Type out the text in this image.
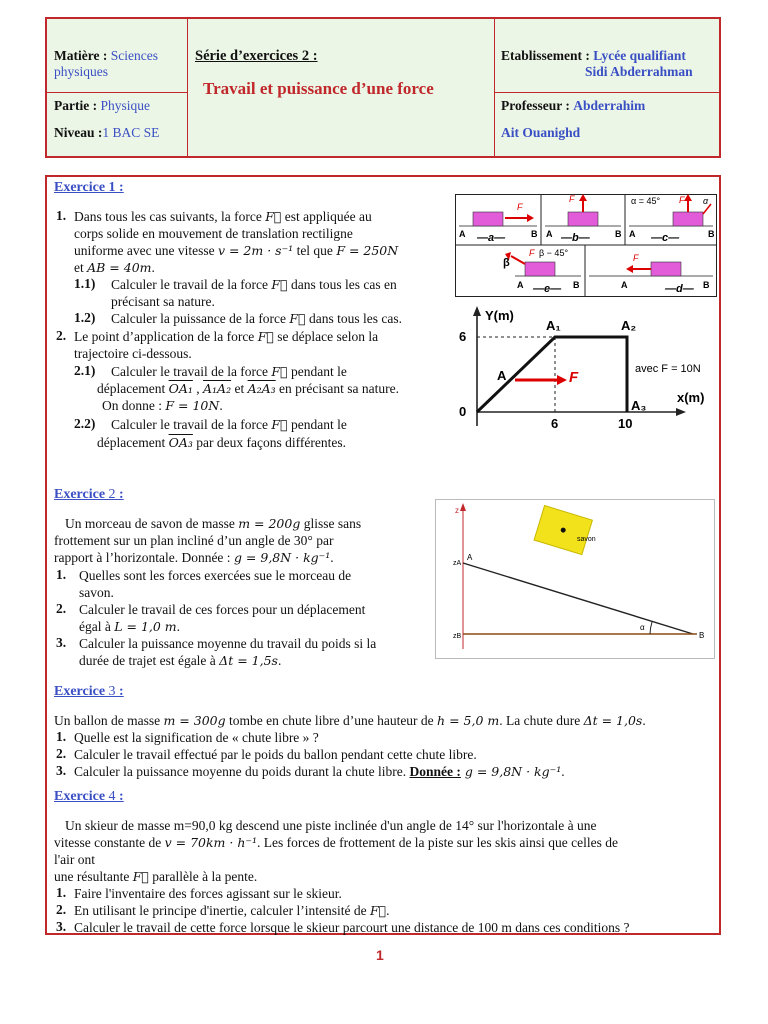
Matière : Sciences
physiques
Partie : Physique
Niveau :1 BAC SE
Série d’exercices 2 :
Travail et puissance d’une force
Etablissement : Lycée qualifiant
Sidi Abderrahman
Professeur : Abderrahim
Ait Ouanighd
Exercice 1 :
1. Dans tous les cas suivants, la force F⃗ est appliquée au
corps solide en mouvement de translation rectiligne
uniforme avec une vitesse v = 2m · s⁻¹ tel que F = 250N
et AB = 40m.
1.1) Calculer le travail de la force F⃗ dans tous les cas en
précisant sa nature.
1.2) Calculer la puissance de la force F⃗ dans tous les cas.
2. Le point d’application de la force F⃗ se déplace selon la
trajectoire ci-dessous.
2.1) Calculer le travail de la force F⃗ pendant le
déplacement OA₁ , A₁A₂ et A₂A₃ en précisant sa nature.
On donne : F = 10N.
2.2) Calculer le travail de la force F⃗ pendant le
déplacement OA₃ par deux façons différentes.
F
A	B
—a—
F
A	B
—b—
α = 45° F α
A	B
—c—
β
β − 45°
F
A	B
—e—
F
A	B
—d—
Y(m)
x(m)
6
0
6	10
A	F
A₁	A₂
A₃
avec F = 10N
Exercice 2 :
Un morceau de savon de masse m = 200g glisse sans
frottement sur un plan incliné d’un angle de 30° par
rapport à l’horizontale. Donnée : g = 9,8N · kg⁻¹.
1. Quelles sont les forces exercées sue le morceau de
savon.
2. Calculer le travail de ces forces pour un déplacement
égal à L = 1,0 m.
3. Calculer la puissance moyenne du travail du poids si la
durée de trajet est égale à Δt = 1,5s.
z
zA
zB
A
B
α
savon
Exercice 3 :
Un ballon de masse m = 300g tombe en chute libre d’une hauteur de h = 5,0 m. La chute dure Δt = 1,0s.
1. Quelle est la signification de « chute libre » ?
2. Calculer le travail effectué par le poids du ballon pendant cette chute libre.
3. Calculer la puissance moyenne du poids durant la chute libre. Donnée : g = 9,8N · kg⁻¹.
Exercice 4 :
Un skieur de masse m=90,0 kg descend une piste inclinée d'un angle de 14° sur l'horizontale à une
vitesse constante de v = 70km · h⁻¹. Les forces de frottement de la piste sur les skis ainsi que celles de
l'air ont
une résultante F⃗ parallèle à la pente.
1. Faire l'inventaire des forces agissant sur le skieur.
2. En utilisant le principe d'inertie, calculer l’intensité de F⃗.
3. Calculer le travail de cette force lorsque le skieur parcourt une distance de 100 m dans ces conditions ?
1
